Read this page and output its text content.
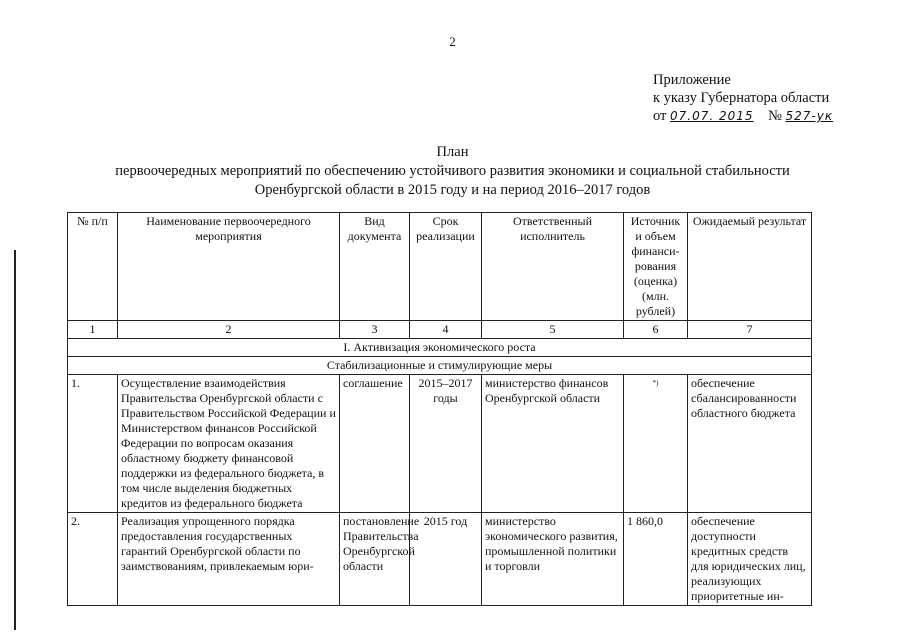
2
Приложение
к указу Губернатора области
от 07.07. 2015 № 527-ук
План
первоочередных мероприятий по обеспечению устойчивого развития экономики и социальной стабильности
Оренбургской области в 2015 году и на период 2016–2017 годов
№ п/п	Наименование первоочередного мероприятия	Вид документа	Срок реализации	Ответственный исполнитель	Источник и объем финанси-рования (оценка) (млн. рублей)	Ожидаемый результат
1	2	3	4	5	6	7
I. Активизация экономического роста						
Стабилизационные и стимулирующие меры						
1.	Осуществление взаимодействия Правительства Оренбургской области с Правительством Российской Федерации и Министерством финансов Российской Федерации по вопросам оказания областному бюджету финансовой поддержки из федерального бюджета, в том числе выделения бюджетных кредитов из федерального бюджета	соглашение	2015–2017 годы	министерство финансов Оренбургской области	*)	обеспечение сбалансированности областного бюджета
2.	Реализация упрощенного порядка предоставления государственных гарантий Оренбургской области по заимствованиям, привлекаемым юри-	постановление Правительства Оренбургской области	2015 год	министерство экономического развития, промышленной политики и торговли	1 860,0	обеспечение доступности кредитных средств для юридических лиц, реализующих приоритетные ин-
